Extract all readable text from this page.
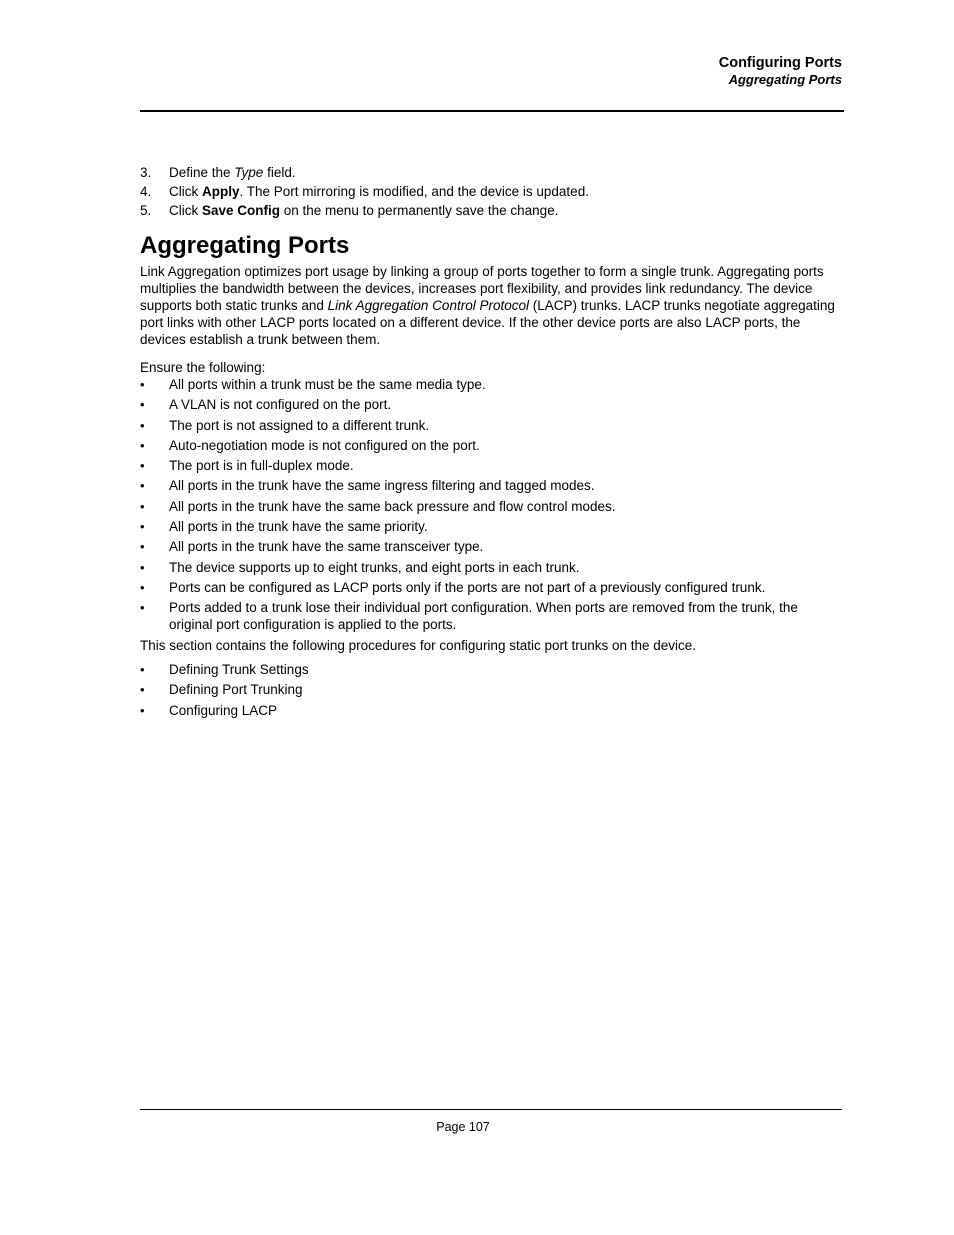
Configuring Ports
Aggregating Ports
3. Define the Type field.
4. Click Apply. The Port mirroring is modified, and the device is updated.
5. Click Save Config on the menu to permanently save the change.
Aggregating Ports

Link Aggregation optimizes port usage by linking a group of ports together to form a single trunk. Aggregating ports multiplies the bandwidth between the devices, increases port flexibility, and provides link redundancy. The device supports both static trunks and Link Aggregation Control Protocol (LACP) trunks. LACP trunks negotiate aggregating port links with other LACP ports located on a different device. If the other device ports are also LACP ports, the devices establish a trunk between them.

Ensure the following:

• All ports within a trunk must be the same media type.
• A VLAN is not configured on the port.
• The port is not assigned to a different trunk.
• Auto-negotiation mode is not configured on the port.
• The port is in full-duplex mode.
• All ports in the trunk have the same ingress filtering and tagged modes.
• All ports in the trunk have the same back pressure and flow control modes.
• All ports in the trunk have the same priority.
• All ports in the trunk have the same transceiver type.
• The device supports up to eight trunks, and eight ports in each trunk.
• Ports can be configured as LACP ports only if the ports are not part of a previously configured trunk.
• Ports added to a trunk lose their individual port configuration. When ports are removed from the trunk, the original port configuration is applied to the ports.

This section contains the following procedures for configuring static port trunks on the device.

• Defining Trunk Settings
• Defining Port Trunking
• Configuring LACP
Page 107
